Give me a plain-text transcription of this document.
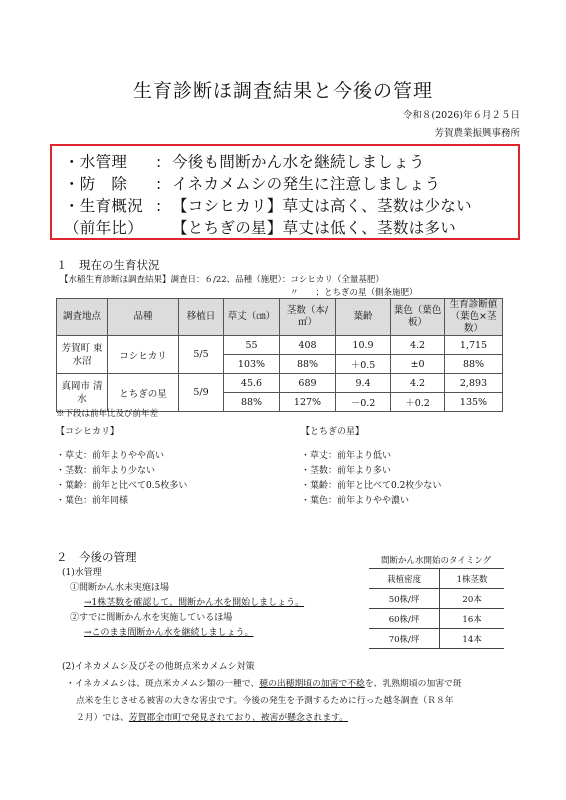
生育診断ほ調査結果と今後の管理
令和８(2026)年６月２５日
芳賀農業振興事務所
・水管理 : 今後も間断かん水を継続しましょう
・防　除 : イネカメムシの発生に注意しましょう
・生育概況 : 【コシヒカリ】草丈は高く、茎数は少ない
（前年比） 【とちぎの星】草丈は低く、茎数は多い
１　現在の生育状況
【水稲生育診断ほ調査結果】調査日：６/22、品種（施肥）：コシヒカリ（全量基肥）
〃　　；とちぎの星（側条施肥）
調査地点	品種	移植日	草丈（㎝）	茎数（本/㎡）	葉齢	葉色（葉色板）	生育診断値（葉色×茎数）
芳賀町 東水沼	コシヒカリ	5/5	55	408	10.9	4.2	1,715
			103%	88%	＋0.5	±0	88%
真岡市 清水	とちぎの星	5/9	45.6	689	9.4	4.2	2,893
			88%	127%	－0.2	＋0.2	135%
※下段は前年比及び前年差
【コシヒカリ】
・草丈：前年よりやや高い
・茎数：前年より少ない
・葉齢：前年と比べて0.5枚多い
・葉色：前年同様
【とちぎの星】
・草丈：前年より低い
・茎数：前年より多い
・葉齢：前年と比べて0.2枚少ない
・葉色：前年よりやや濃い
２　今後の管理
(1)水管理
①間断かん水未実施ほ場
→1株茎数を確認して、間断かん水を開始しましょう。
②すでに間断かん水を実施しているほ場
→このまま間断かん水を継続しましょう。
間断かん水開始のタイミング
栽植密度	1株茎数
50株/坪	20本
60株/坪	16本
70株/坪	14本
(2)イネカメムシ及びその他斑点米カメムシ対策
・イネカメムシは、斑点米カメムシ類の一種で、穂の出穂期頃の加害で不稔を、乳熟期頃の加害で斑
点米を生じさせる被害の大きな害虫です。今後の発生を予測するために行った越冬調査（Ｒ８年
２月）では、芳賀郡全市町で発見されており、被害が懸念されます。
